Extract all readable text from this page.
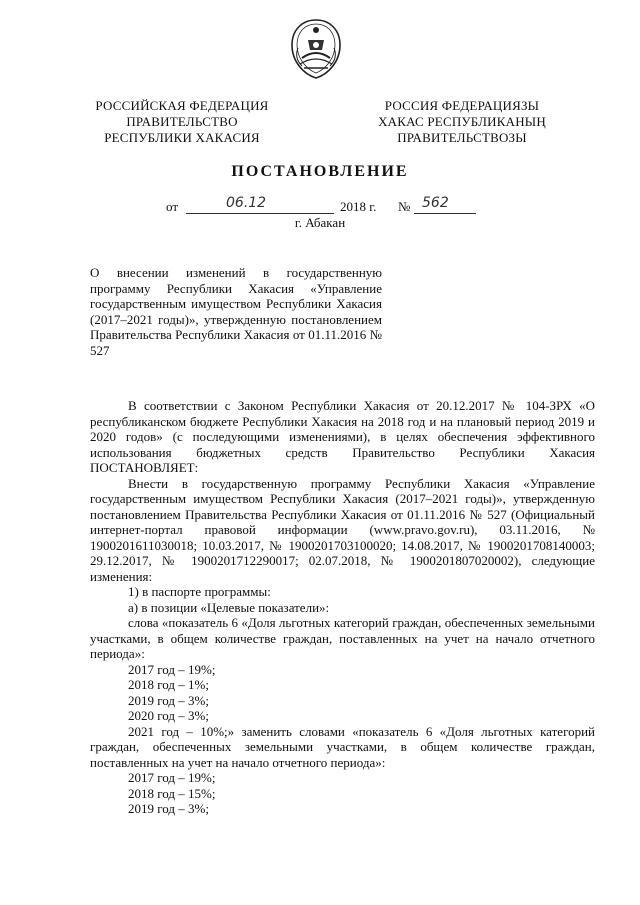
РОССИЙСКАЯ ФЕДЕРАЦИЯ
ПРАВИТЕЛЬСТВО
РЕСПУБЛИКИ ХАКАСИЯ
РОССИЯ ФЕДЕРАЦИЯЗЫ
ХАКАС РЕСПУБЛИКАНЫҢ
ПРАВИТЕЛЬСТВОЗЫ
ПОСТАНОВЛЕНИЕ
от	06.12	2018 г. № 562
г. Абакан
О внесении изменений в государственную программу Республики Хакасия «Управление государственным имуществом Республики Хакасия (2017–2021 годы)», утвержденную постановлением Правительства Республики Хакасия от 01.11.2016 № 527

В соответствии с Законом Республики Хакасия от 20.12.2017 № 104-ЗРХ «О республиканском бюджете Республики Хакасия на 2018 год и на плановый период 2019 и 2020 годов» (с последующими изменениями), в целях обеспечения эффективного использования бюджетных средств Правительство Республики Хакасия ПОСТАНОВЛЯЕТ:

Внести в государственную программу Республики Хакасия «Управление государственным имуществом Республики Хакасия (2017–2021 годы)», утвержденную постановлением Правительства Республики Хакасия от 01.11.2016 № 527 (Официальный интернет-портал правовой информации (www.pravo.gov.ru), 03.11.2016, № 1900201611030018; 10.03.2017, № 1900201703100020; 14.08.2017, № 1900201708140003; 29.12.2017, № 1900201712290017; 02.07.2018, № 1900201807020002), следующие изменения:

1) в паспорте программы:

а) в позиции «Целевые показатели»:

слова «показатель 6 «Доля льготных категорий граждан, обеспеченных земельными участками, в общем количестве граждан, поставленных на учет на начало отчетного периода»:

2017 год – 19%;

2018 год – 1%;

2019 год – 3%;

2020 год – 3%;

2021 год – 10%;» заменить словами «показатель 6 «Доля льготных категорий граждан, обеспеченных земельными участками, в общем количестве граждан, поставленных на учет на начало отчетного периода»:

2017 год – 19%;

2018 год – 15%;

2019 год – 3%;
